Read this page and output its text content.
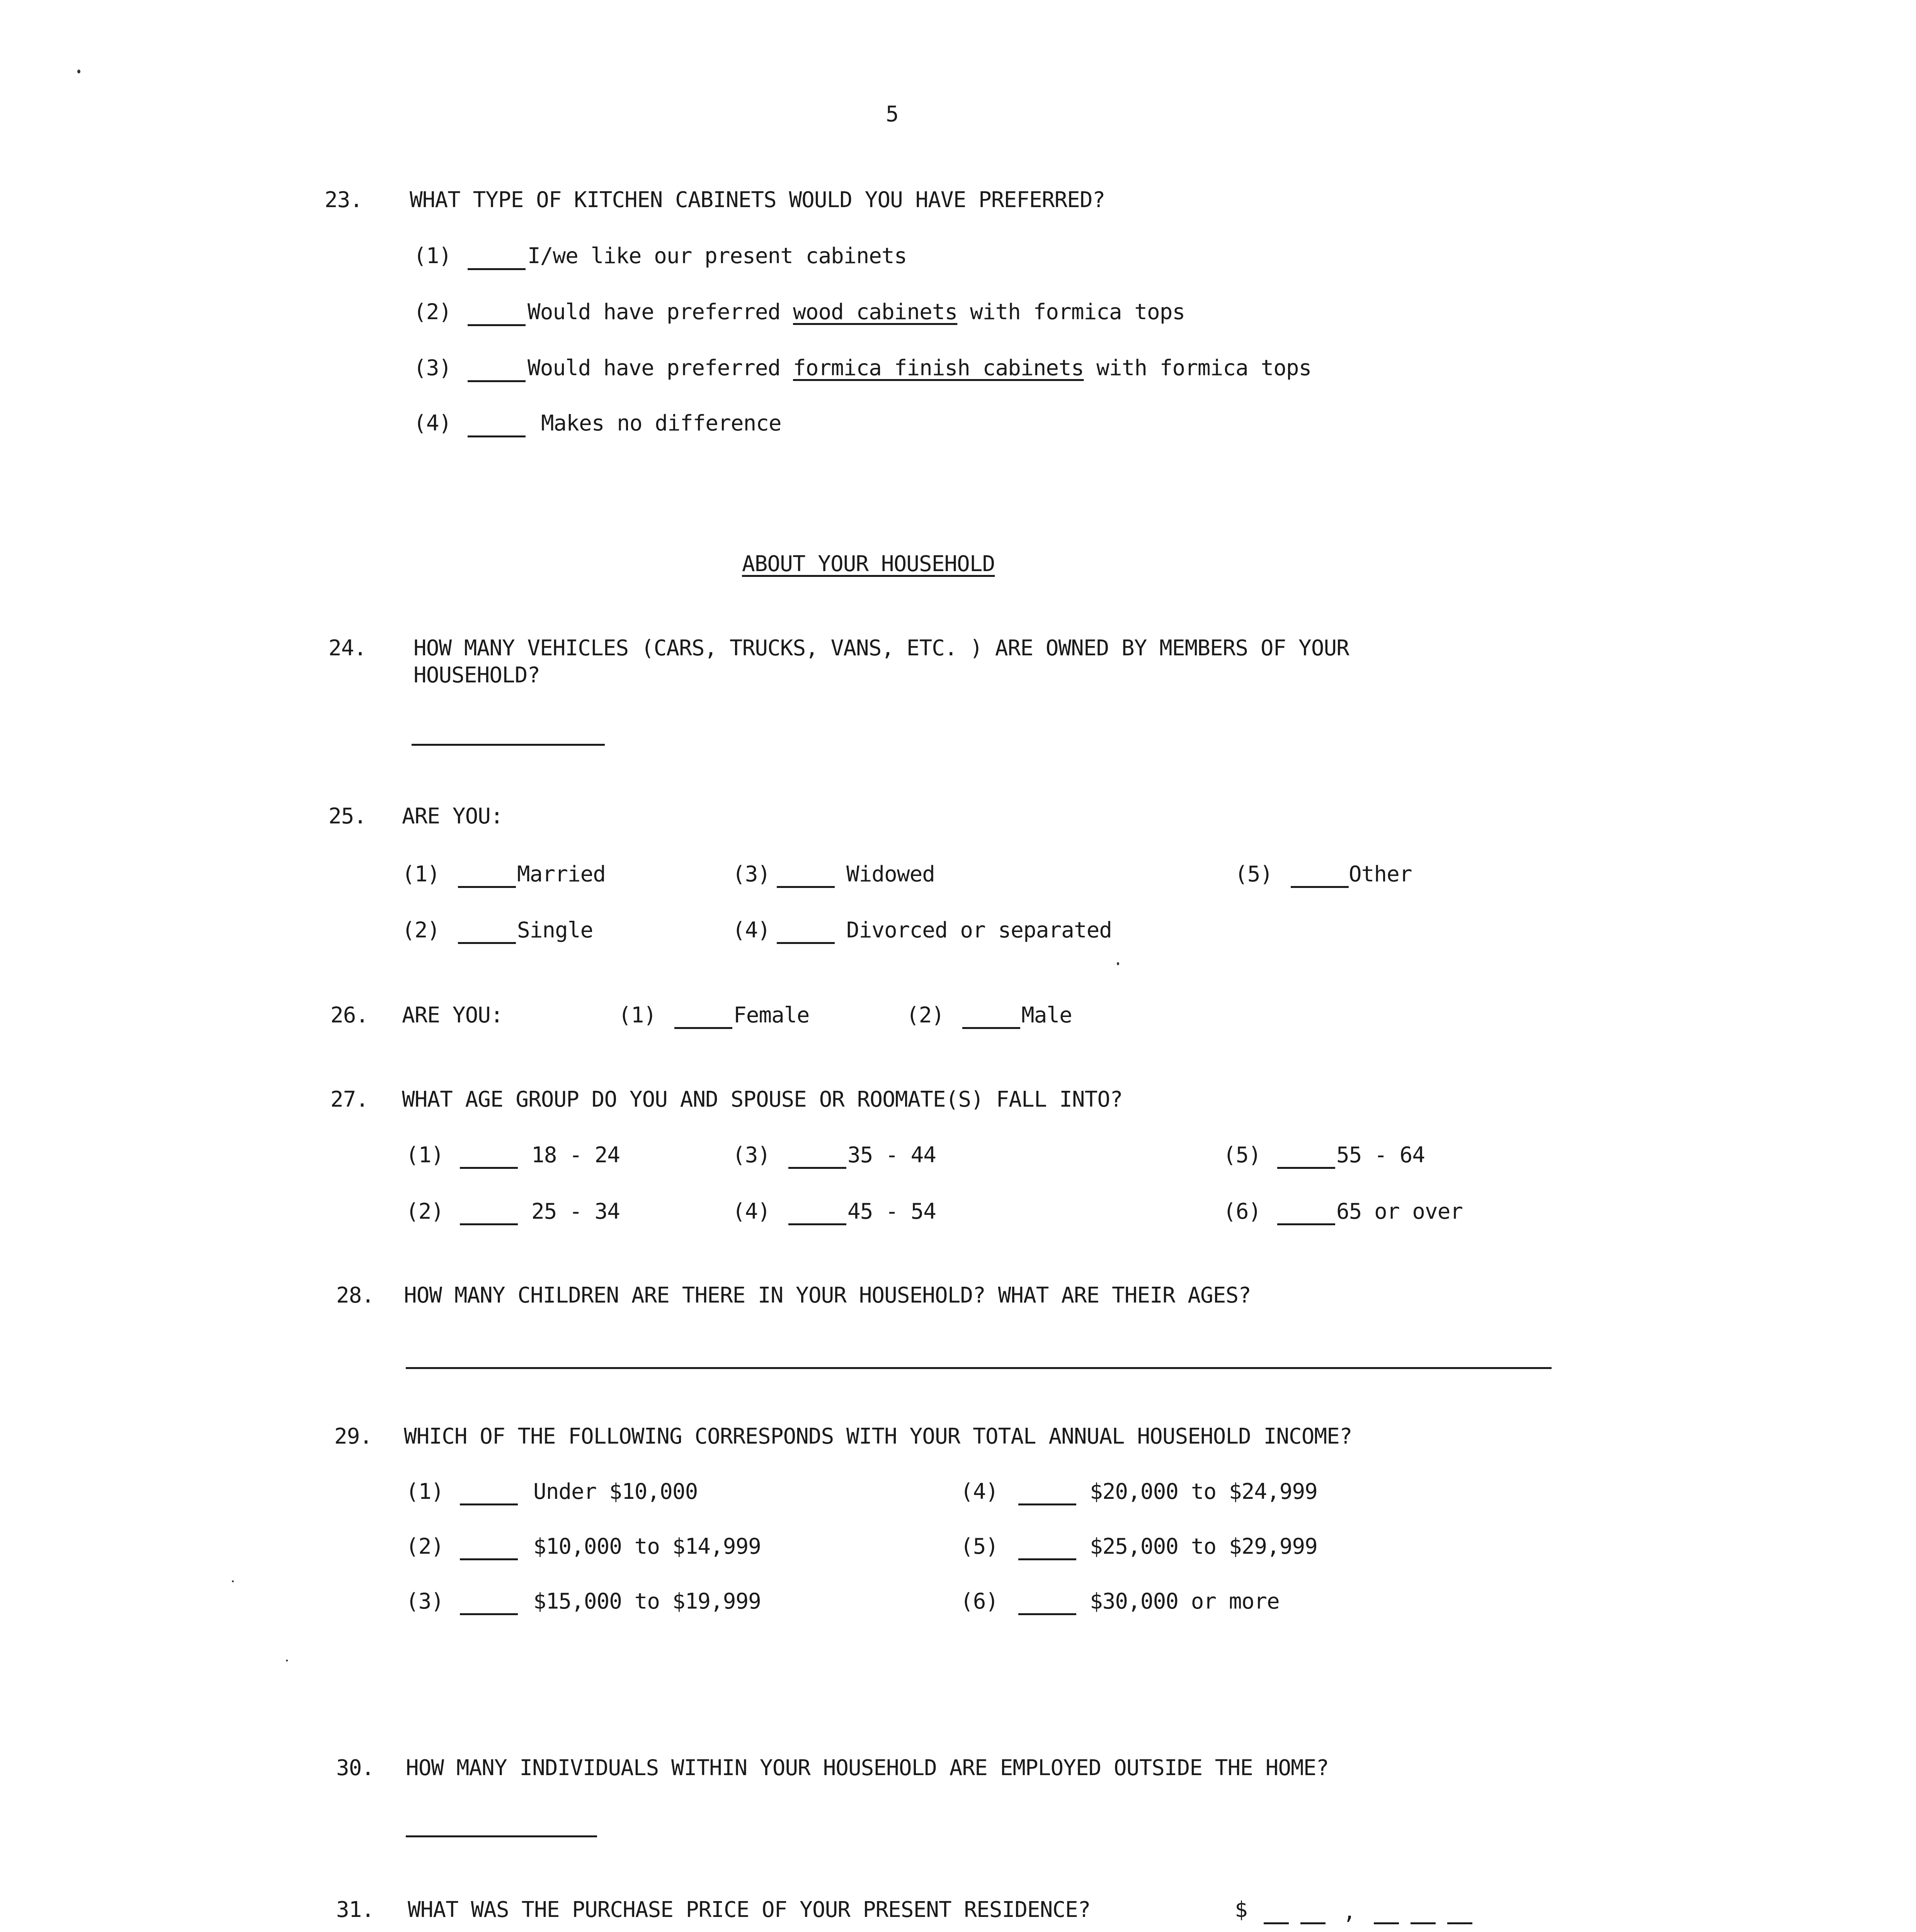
5
23. WHAT TYPE OF KITCHEN CABINETS WOULD YOU HAVE PREFERRED?
(1)	I/we like our present cabinets
(2)	Would have preferred wood cabinets with formica tops
(3)	Would have preferred formica finish cabinets with formica tops
(4)	Makes no difference
ABOUT YOUR HOUSEHOLD
24. HOW MANY VEHICLES (CARS, TRUCKS, VANS, ETC. ) ARE OWNED BY MEMBERS OF YOUR
HOUSEHOLD?
25. ARE YOU:
(1)	Married
(2)	Single
(3)	Widowed
(4)	Divorced or separated
(5)	Other
26. ARE YOU:	(1)	Female	(2)	Male
27. WHAT AGE GROUP DO YOU AND SPOUSE OR ROOMATE(S) FALL INTO?
(1)	18 - 24
(2)	25 - 34
(3)	35 - 44
(4)	45 - 54
(5)	55 - 64
(6)	65 or over
28. HOW MANY CHILDREN ARE THERE IN YOUR HOUSEHOLD? WHAT ARE THEIR AGES?
29. WHICH OF THE FOLLOWING CORRESPONDS WITH YOUR TOTAL ANNUAL HOUSEHOLD INCOME?
(1)	Under $10,000
(2)	$10,000 to $14,999
(3)	$15,000 to $19,999
(4)	$20,000 to $24,999
(5)	$25,000 to $29,999
(6)	$30,000 or more
30. HOW MANY INDIVIDUALS WITHIN YOUR HOUSEHOLD ARE EMPLOYED OUTSIDE THE HOME?
31. WHAT WAS THE PURCHASE PRICE OF YOUR PRESENT RESIDENCE?	$	,
